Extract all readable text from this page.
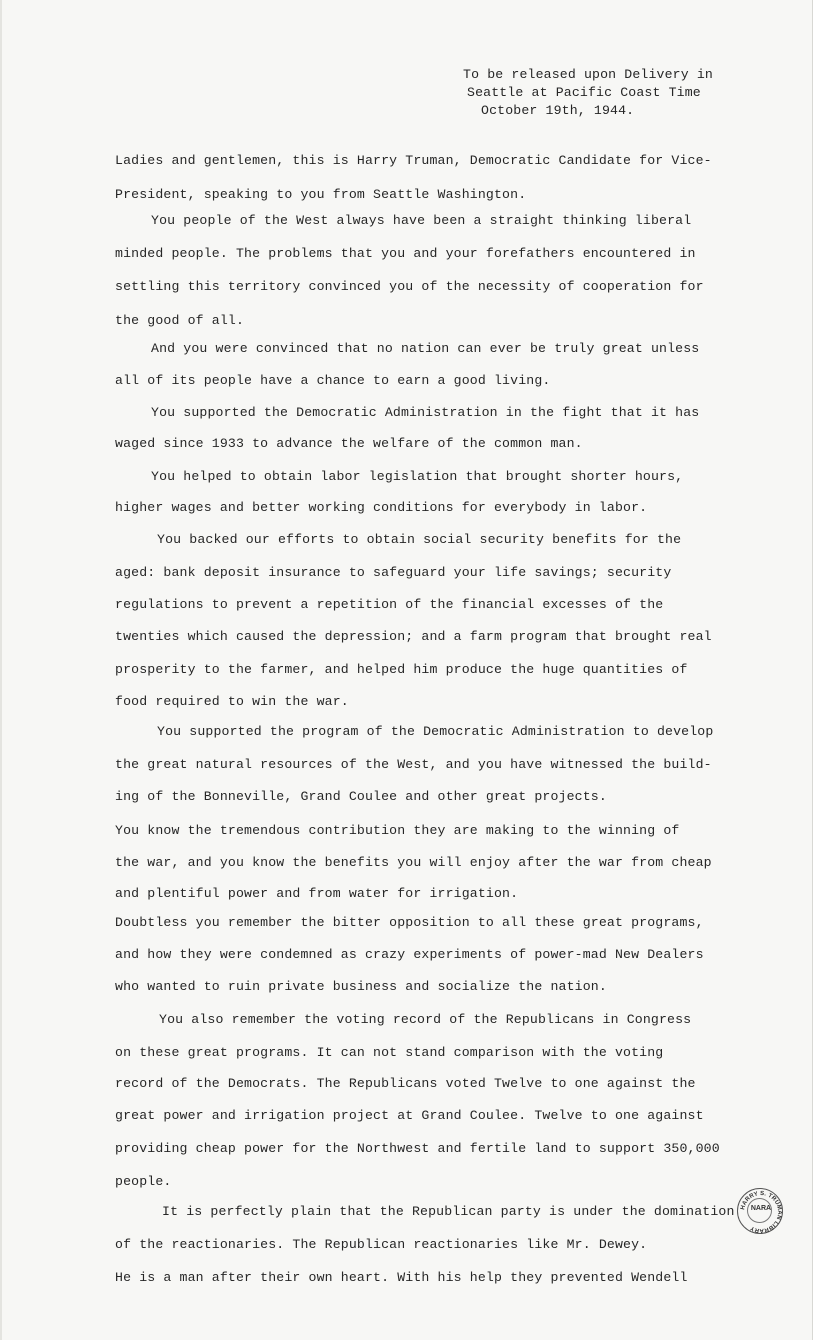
To be released upon Delivery in
Seattle at Pacific Coast Time
October 19th, 1944.
Ladies and gentlemen, this is Harry Truman, Democratic Candidate for Vice-
President, speaking to you from Seattle Washington.
You people of the West always have been a straight thinking liberal
minded people. The problems that you and your forefathers encountered in
settling this territory convinced you of the necessity of cooperation for
the good of all.
And you were convinced that no nation can ever be truly great unless
all of its people have a chance to earn a good living.
You supported the Democratic Administration in the fight that it has
waged since 1933 to advance the welfare of the common man.
You helped to obtain labor legislation that brought shorter hours,
higher wages and better working conditions for everybody in labor.
You backed our efforts to obtain social security benefits for the
aged: bank deposit insurance to safeguard your life savings; security
regulations to prevent a repetition of the financial excesses of the
twenties which caused the depression; and a farm program that brought real
prosperity to the farmer, and helped him produce the huge quantities of
food required to win the war.
You supported the program of the Democratic Administration to develop
the great natural resources of the West, and you have witnessed the build-
ing of the Bonneville, Grand Coulee and other great projects.
You know the tremendous contribution they are making to the winning of
the war, and you know the benefits you will enjoy after the war from cheap
and plentiful power and from water for irrigation.
Doubtless you remember the bitter opposition to all these great programs,
and how they were condemned as crazy experiments of power-mad New Dealers
who wanted to ruin private business and socialize the nation.
You also remember the voting record of the Republicans in Congress
on these great programs. It can not stand comparison with the voting
record of the Democrats. The Republicans voted Twelve to one against the
great power and irrigation project at Grand Coulee. Twelve to one against
providing cheap power for the Northwest and fertile land to support 350,000
people.
It is perfectly plain that the Republican party is under the domination
of the reactionaries. The Republican reactionaries like Mr. Dewey.
He is a man after their own heart. With his help they prevented Wendell
HARRY S. TRUMAN LIBRARY
NARA
